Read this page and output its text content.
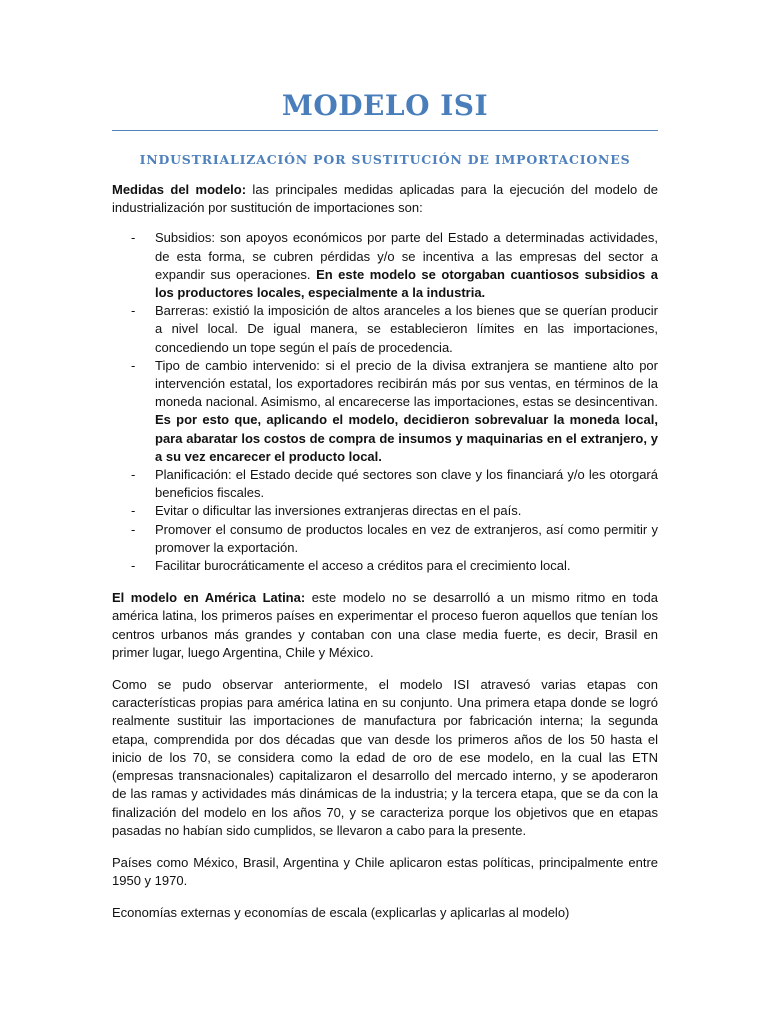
MODELO ISI
INDUSTRIALIZACIÓN POR SUSTITUCIÓN DE IMPORTACIONES

Medidas del modelo: las principales medidas aplicadas para la ejecución del modelo de industrialización por sustitución de importaciones son:

- Subsidios: son apoyos económicos por parte del Estado a determinadas actividades, de esta forma, se cubren pérdidas y/o se incentiva a las empresas del sector a expandir sus operaciones. En este modelo se otorgaban cuantiosos subsidios a los productores locales, especialmente a la industria.
- Barreras: existió la imposición de altos aranceles a los bienes que se querían producir a nivel local. De igual manera, se establecieron límites en las importaciones, concediendo un tope según el país de procedencia.
- Tipo de cambio intervenido: si el precio de la divisa extranjera se mantiene alto por intervención estatal, los exportadores recibirán más por sus ventas, en términos de la moneda nacional. Asimismo, al encarecerse las importaciones, estas se desincentivan. Es por esto que, aplicando el modelo, decidieron sobrevaluar la moneda local, para abaratar los costos de compra de insumos y maquinarias en el extranjero, y a su vez encarecer el producto local.
- Planificación: el Estado decide qué sectores son clave y los financiará y/o les otorgará beneficios fiscales.
- Evitar o dificultar las inversiones extranjeras directas en el país.
- Promover el consumo de productos locales en vez de extranjeros, así como permitir y promover la exportación.
- Facilitar burocráticamente el acceso a créditos para el crecimiento local.

El modelo en América Latina: este modelo no se desarrolló a un mismo ritmo en toda américa latina, los primeros países en experimentar el proceso fueron aquellos que tenían los centros urbanos más grandes y contaban con una clase media fuerte, es decir, Brasil en primer lugar, luego Argentina, Chile y México.

Como se pudo observar anteriormente, el modelo ISI atravesó varias etapas con características propias para américa latina en su conjunto. Una primera etapa donde se logró realmente sustituir las importaciones de manufactura por fabricación interna; la segunda etapa, comprendida por dos décadas que van desde los primeros años de los 50 hasta el inicio de los 70, se considera como la edad de oro de ese modelo, en la cual las ETN (empresas transnacionales) capitalizaron el desarrollo del mercado interno, y se apoderaron de las ramas y actividades más dinámicas de la industria; y la tercera etapa, que se da con la finalización del modelo en los años 70, y se caracteriza porque los objetivos que en etapas pasadas no habían sido cumplidos, se llevaron a cabo para la presente.

Países como México, Brasil, Argentina y Chile aplicaron estas políticas, principalmente entre 1950 y 1970.

Economías externas y economías de escala (explicarlas y aplicarlas al modelo)
